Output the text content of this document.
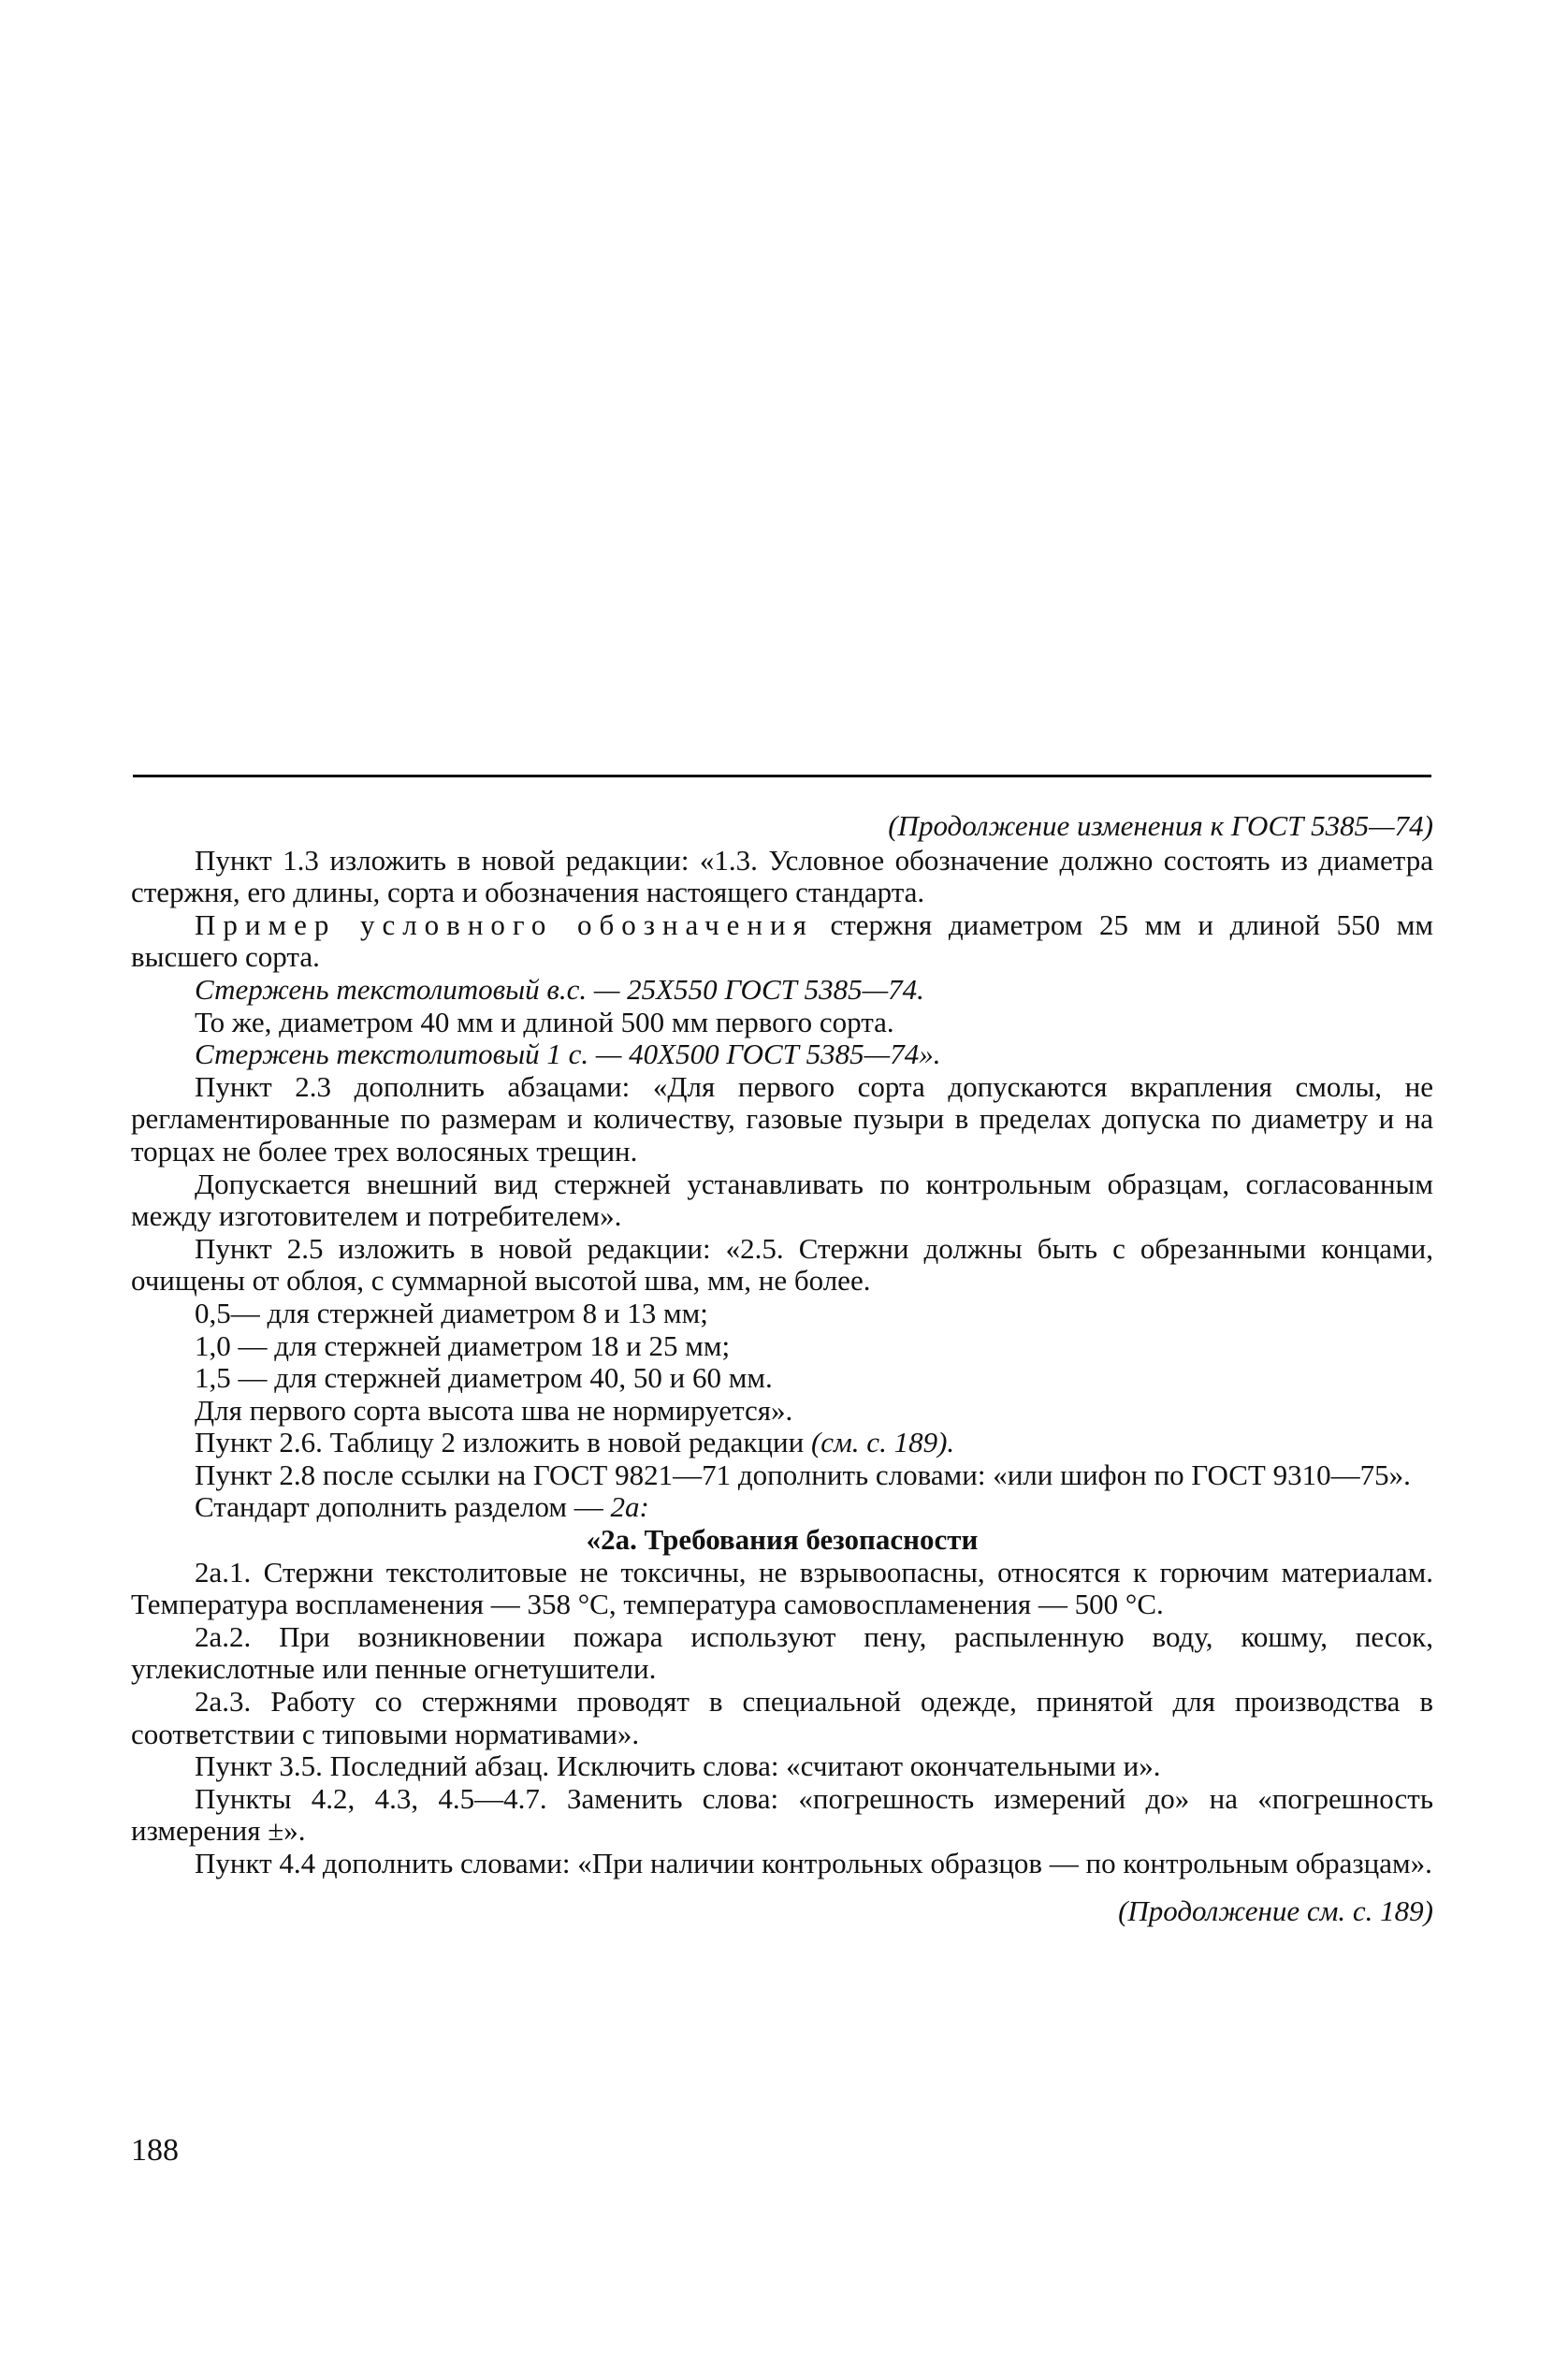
(Продолжение изменения к ГОСТ 5385—74)

Пункт 1.3 изложить в новой редакции: «1.3. Условное обозначение должно состоять из диаметра стержня, его длины, сорта и обозначения настоящего стандарта.

Пример условного обозначения стержня диаметром 25 мм и длиной 550 мм высшего сорта.

Стержень текстолитовый в.с. — 25Х550 ГОСТ 5385—74.

То же, диаметром 40 мм и длиной 500 мм первого сорта.

Стержень текстолитовый 1 с. — 40Х500 ГОСТ 5385—74».

Пункт 2.3 дополнить абзацами: «Для первого сорта допускаются вкрапления смолы, не регламентированные по размерам и количеству, газовые пузыри в пределах допуска по диаметру и на торцах не более трех волосяных трещин.

Допускается внешний вид стержней устанавливать по контрольным образцам, согласованным между изготовителем и потребителем».

Пункт 2.5 изложить в новой редакции: «2.5. Стержни должны быть с обрезанными концами, очищены от облоя, с суммарной высотой шва, мм, не более.

0,5— для стержней диаметром 8 и 13 мм;

1,0 — для стержней диаметром 18 и 25 мм;

1,5 — для стержней диаметром 40, 50 и 60 мм.

Для первого сорта высота шва не нормируется».

Пункт 2.6. Таблицу 2 изложить в новой редакции (см. с. 189).

Пункт 2.8 после ссылки на ГОСТ 9821—71 дополнить словами: «или шифон по ГОСТ 9310—75».

Стандарт дополнить разделом — 2а:

«2а. Требования безопасности

2а.1. Стержни текстолитовые не токсичны, не взрывоопасны, относятся к горючим материалам. Температура воспламенения — 358 °С, температура самовоспламенения — 500 °С.

2а.2. При возникновении пожара используют пену, распыленную воду, кошму, песок, углекислотные или пенные огнетушители.

2а.3. Работу со стержнями проводят в специальной одежде, принятой для производства в соответствии с типовыми нормативами».

Пункт 3.5. Последний абзац. Исключить слова: «считают окончательными и».

Пункты 4.2, 4.3, 4.5—4.7. Заменить слова: «погрешность измерений до» на «погрешность измерения ±».

Пункт 4.4 дополнить словами: «При наличии контрольных образцов — по контрольным образцам».

(Продолжение см. с. 189)
188
